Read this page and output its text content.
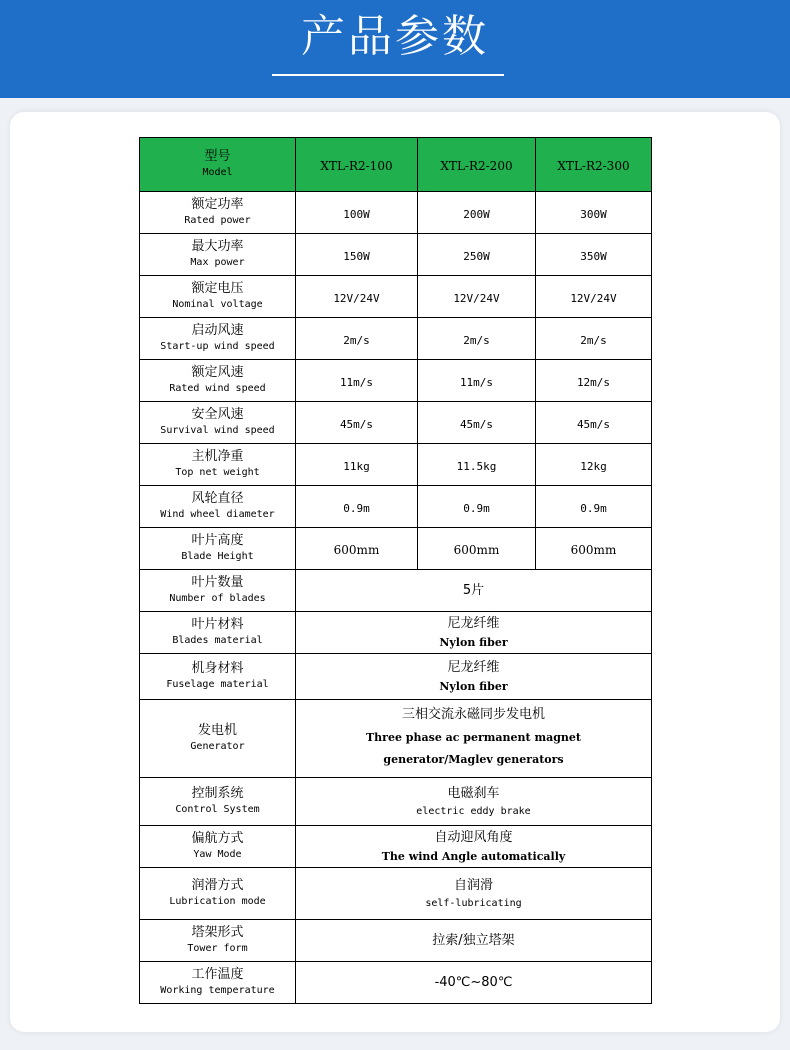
产品参数
型号
Model	XTL-R2-100	XTL-R2-200	XTL-R2-300

额定功率
Rated power	100W	200W	300W

最大功率
Max power	150W	250W	350W

额定电压
Nominal voltage	12V/24V	12V/24V	12V/24V

启动风速
Start-up wind speed	2m/s	2m/s	2m/s

额定风速
Rated wind speed	11m/s	11m/s	12m/s

安全风速
Survival wind speed	45m/s	45m/s	45m/s

主机净重
Top net weight	11kg	11.5kg	12kg

风轮直径
Wind wheel diameter	0.9m	0.9m	0.9m

叶片高度
Blade Height	600mm	600mm	600mm

叶片数量
Number of blades	5片		

叶片材料
Blades material	尼龙纤维
Nylon fiber		

机身材料
Fuselage material	尼龙纤维
Nylon fiber		

发电机
Generator	三相交流永磁同步发电机
Three phase ac permanent magnet generator/Maglev generators		

控制系统
Control System	电磁刹车
electric eddy brake		

偏航方式
Yaw Mode	自动迎风角度
The wind Angle automatically		

润滑方式
Lubrication mode	自润滑
self-lubricating		

塔架形式
Tower form	拉索/独立塔架		

工作温度
Working temperature	-40℃~80℃		
